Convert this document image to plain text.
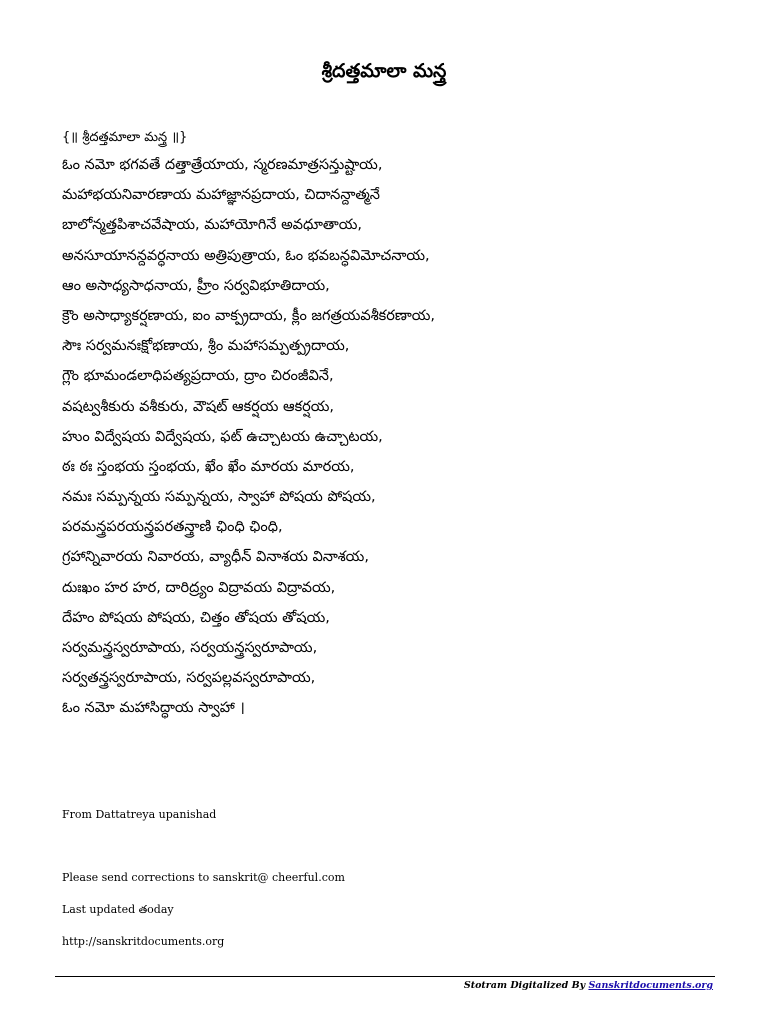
శ్రీదత్తమాలా మన్త్ర
{॥ శ్రీదత్తమాలా మన్త్ర ॥}
ఓం నమో భగవతే దత్తాత్రేయాయ, స్మరణమాత్రసన్తుష్టాయ,
మహాభయనివారణాయ మహాజ్ఞానప్రదాయ, చిదానన్దాత్మనే
బాలోన్మత్తపిశాచవేషాయ, మహాయోగినే అవధూతాయ,
అనసూయానన్దవర్ధనాయ అత్రిపుత్రాయ, ఓం భవబన్ధవిమోచనాయ,
ఆం అసాధ్యసాధనాయ, హ్రీం సర్వవిభూతిదాయ,
క్రౌం అసాధ్యాకర్షణాయ, ఐం వాక్ప్రదాయ, క్లీం జగత్రయవశీకరణాయ,
సౌః సర్వమనఃక్షోభణాయ, శ్రీం మహాసమ్పత్ప్రదాయ,
గ్లౌం భూమండలాధిపత్యప్రదాయ, ద్రాం చిరంజీవినే,
వషట్వశీకురు వశీకురు, వౌషట్ ఆకర్షయ ఆకర్షయ,
హుం విద్వేషయ విద్వేషయ, ఫట్ ఉచ్చాటయ ఉచ్చాటయ,
ఠః ఠః స్తంభయ స్తంభయ, ఖేం ఖేం మారయ మారయ,
నమః సమ్పన్నయ సమ్పన్నయ, స్వాహా పోషయ పోషయ,
పరమన్త్రపరయన్త్రపరతన్త్రాణి ఛింధి ఛింధి,
గ్రహాన్నివారయ నివారయ, వ్యాధీన్ వినాశయ వినాశయ,
దుఃఖం హర హర, దారిద్ర్యం విద్రావయ విద్రావయ,
దేహం పోషయ పోషయ, చిత్తం తోషయ తోషయ,
సర్వమన్త్రస్వరూపాయ, సర్వయన్త్రస్వరూపాయ,
సర్వతన్త్రస్వరూపాయ, సర్వపల్లవస్వరూపాయ,
ఓం నమో మహాసిద్ధాయ స్వాహా ।
From Dattatreya upanishad
Please send corrections to sanskrit@ cheerful.com
Last updated తoday
http://sanskritdocuments.org
Stotram Digitalized By Sanskritdocuments.org
